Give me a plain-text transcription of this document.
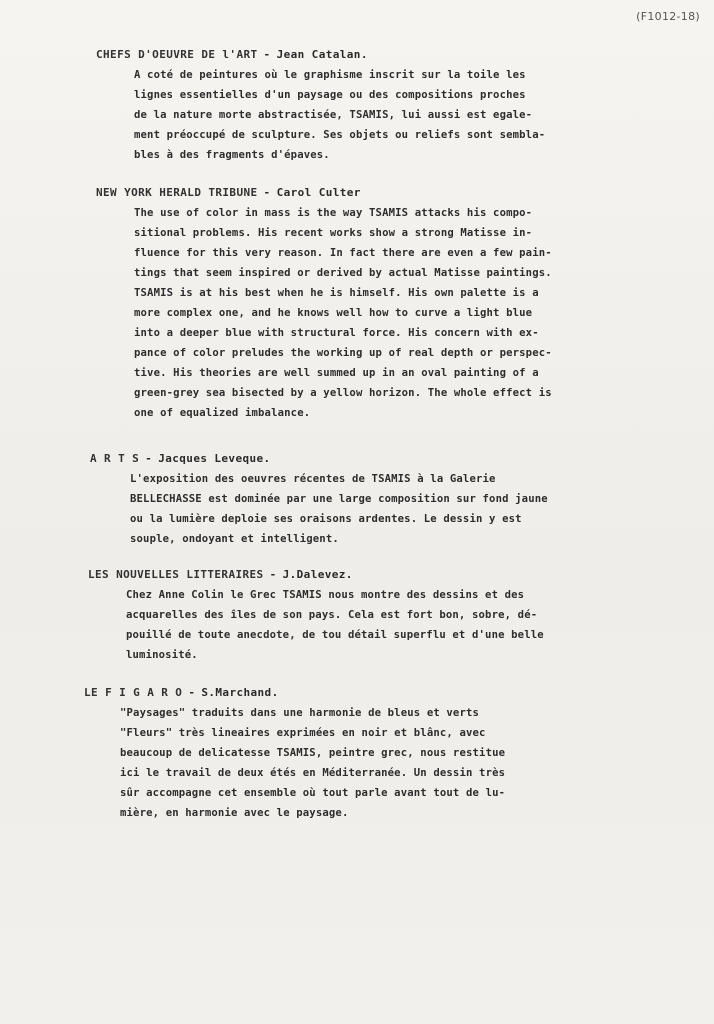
(F1012-18)
CHEFS D'OEUVRE DE l'ART - Jean Catalan.
A coté de peintures où le graphisme inscrit sur la toile les
lignes essentielles d'un paysage ou des compositions proches
de la nature morte abstractisée, TSAMIS, lui aussi est egale-
ment préoccupé de sculpture. Ses objets ou reliefs sont sembla-
bles à des fragments d'épaves.
NEW YORK HERALD TRIBUNE - Carol Culter
The use of color in mass is the way TSAMIS attacks his compo-
sitional problems. His recent works show a strong Matisse in-
fluence for this very reason. In fact there are even a few pain-
tings that seem inspired or derived by actual Matisse paintings.
TSAMIS is at his best when he is himself. His own palette is a
more complex one, and he knows well how to curve a light blue
into a deeper blue with structural force. His concern with ex-
pance of color preludes the working up of real depth or perspec-
tive. His theories are well summed up in an oval painting of a
green-grey sea bisected by a yellow horizon. The whole effect is
one of equalized imbalance.
A R T S - Jacques Leveque.
L'exposition des oeuvres récentes de TSAMIS à la Galerie
BELLECHASSE est dominée par une large composition sur fond jaune
ou la lumière deploie ses oraisons ardentes. Le dessin y est
souple, ondoyant et intelligent.
LES NOUVELLES LITTERAIRES - J.Dalevez.
Chez Anne Colin le Grec TSAMIS nous montre des dessins et des
acquarelles des îles de son pays. Cela est fort bon, sobre, dé-
pouillé de toute anecdote, de tou détail superflu et d'une belle
luminosité.
LE F I G A R O - S.Marchand.
"Paysages" traduits dans une harmonie de bleus et verts
"Fleurs" très lineaires exprimées en noir et blânc, avec
beaucoup de delicatesse TSAMIS, peintre grec, nous restitue
ici le travail de deux étés en Méditerranée. Un dessin très
sûr accompagne cet ensemble où tout parle avant tout de lu-
mière, en harmonie avec le paysage.
